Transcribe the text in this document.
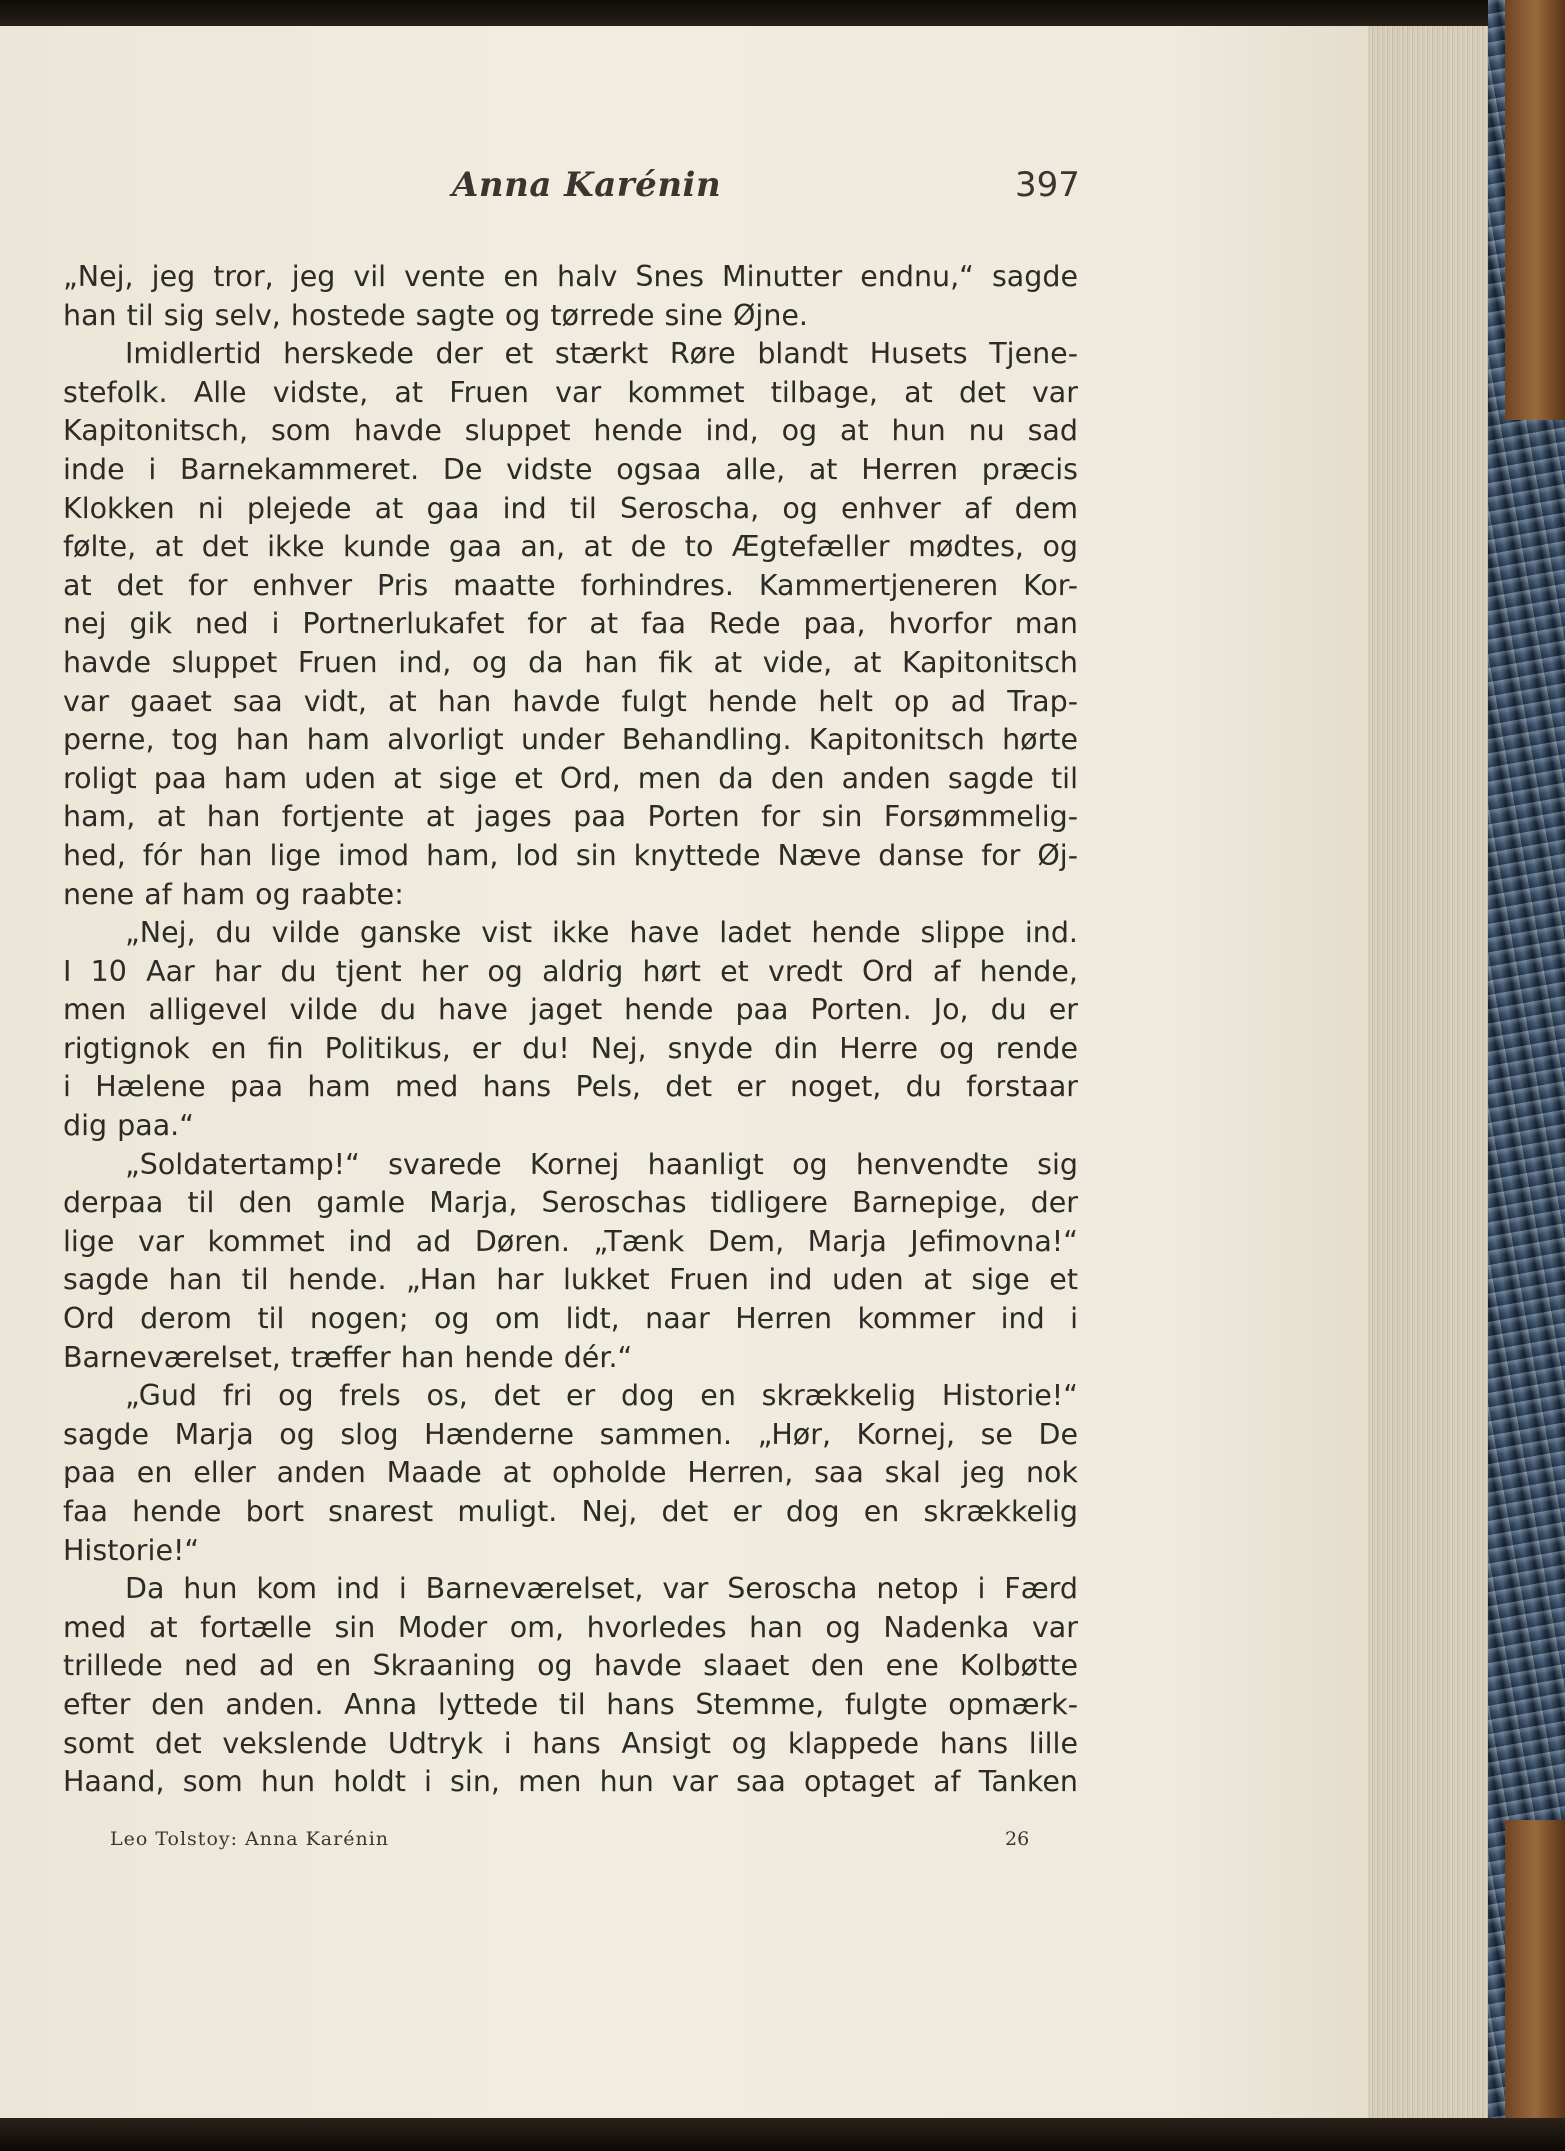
Anna Karénin	397
„Nej, jeg tror, jeg vil vente en halv Snes Minutter endnu,“ sagde
han til sig selv, hostede sagte og tørrede sine Øjne.
Imidlertid herskede der et stærkt Røre blandt Husets Tjene-
stefolk. Alle vidste, at Fruen var kommet tilbage, at det var
Kapitonitsch, som havde sluppet hende ind, og at hun nu sad
inde i Barnekammeret. De vidste ogsaa alle, at Herren præcis
Klokken ni plejede at gaa ind til Seroscha, og enhver af dem
følte, at det ikke kunde gaa an, at de to Ægtefæller mødtes, og
at det for enhver Pris maatte forhindres. Kammertjeneren Kor-
nej gik ned i Portnerlukafet for at faa Rede paa, hvorfor man
havde sluppet Fruen ind, og da han fik at vide, at Kapitonitsch
var gaaet saa vidt, at han havde fulgt hende helt op ad Trap-
perne, tog han ham alvorligt under Behandling. Kapitonitsch hørte
roligt paa ham uden at sige et Ord, men da den anden sagde til
ham, at han fortjente at jages paa Porten for sin Forsømmelig-
hed, fór han lige imod ham, lod sin knyttede Næve danse for Øj-
nene af ham og raabte:
„Nej, du vilde ganske vist ikke have ladet hende slippe ind.
I 10 Aar har du tjent her og aldrig hørt et vredt Ord af hende,
men alligevel vilde du have jaget hende paa Porten. Jo, du er
rigtignok en fin Politikus, er du! Nej, snyde din Herre og rende
i Hælene paa ham med hans Pels, det er noget, du forstaar
dig paa.“
„Soldatertamp!“ svarede Kornej haanligt og henvendte sig
derpaa til den gamle Marja, Seroschas tidligere Barnepige, der
lige var kommet ind ad Døren. „Tænk Dem, Marja Jefimovna!“
sagde han til hende. „Han har lukket Fruen ind uden at sige et
Ord derom til nogen; og om lidt, naar Herren kommer ind i
Barneværelset, træffer han hende dér.“
„Gud fri og frels os, det er dog en skrækkelig Historie!“
sagde Marja og slog Hænderne sammen. „Hør, Kornej, se De
paa en eller anden Maade at opholde Herren, saa skal jeg nok
faa hende bort snarest muligt. Nej, det er dog en skrækkelig
Historie!“
Da hun kom ind i Barneværelset, var Seroscha netop i Færd
med at fortælle sin Moder om, hvorledes han og Nadenka var
trillede ned ad en Skraaning og havde slaaet den ene Kolbøtte
efter den anden. Anna lyttede til hans Stemme, fulgte opmærk-
somt det vekslende Udtryk i hans Ansigt og klappede hans lille
Haand, som hun holdt i sin, men hun var saa optaget af Tanken
Leo Tolstoy: Anna Karénin	26
